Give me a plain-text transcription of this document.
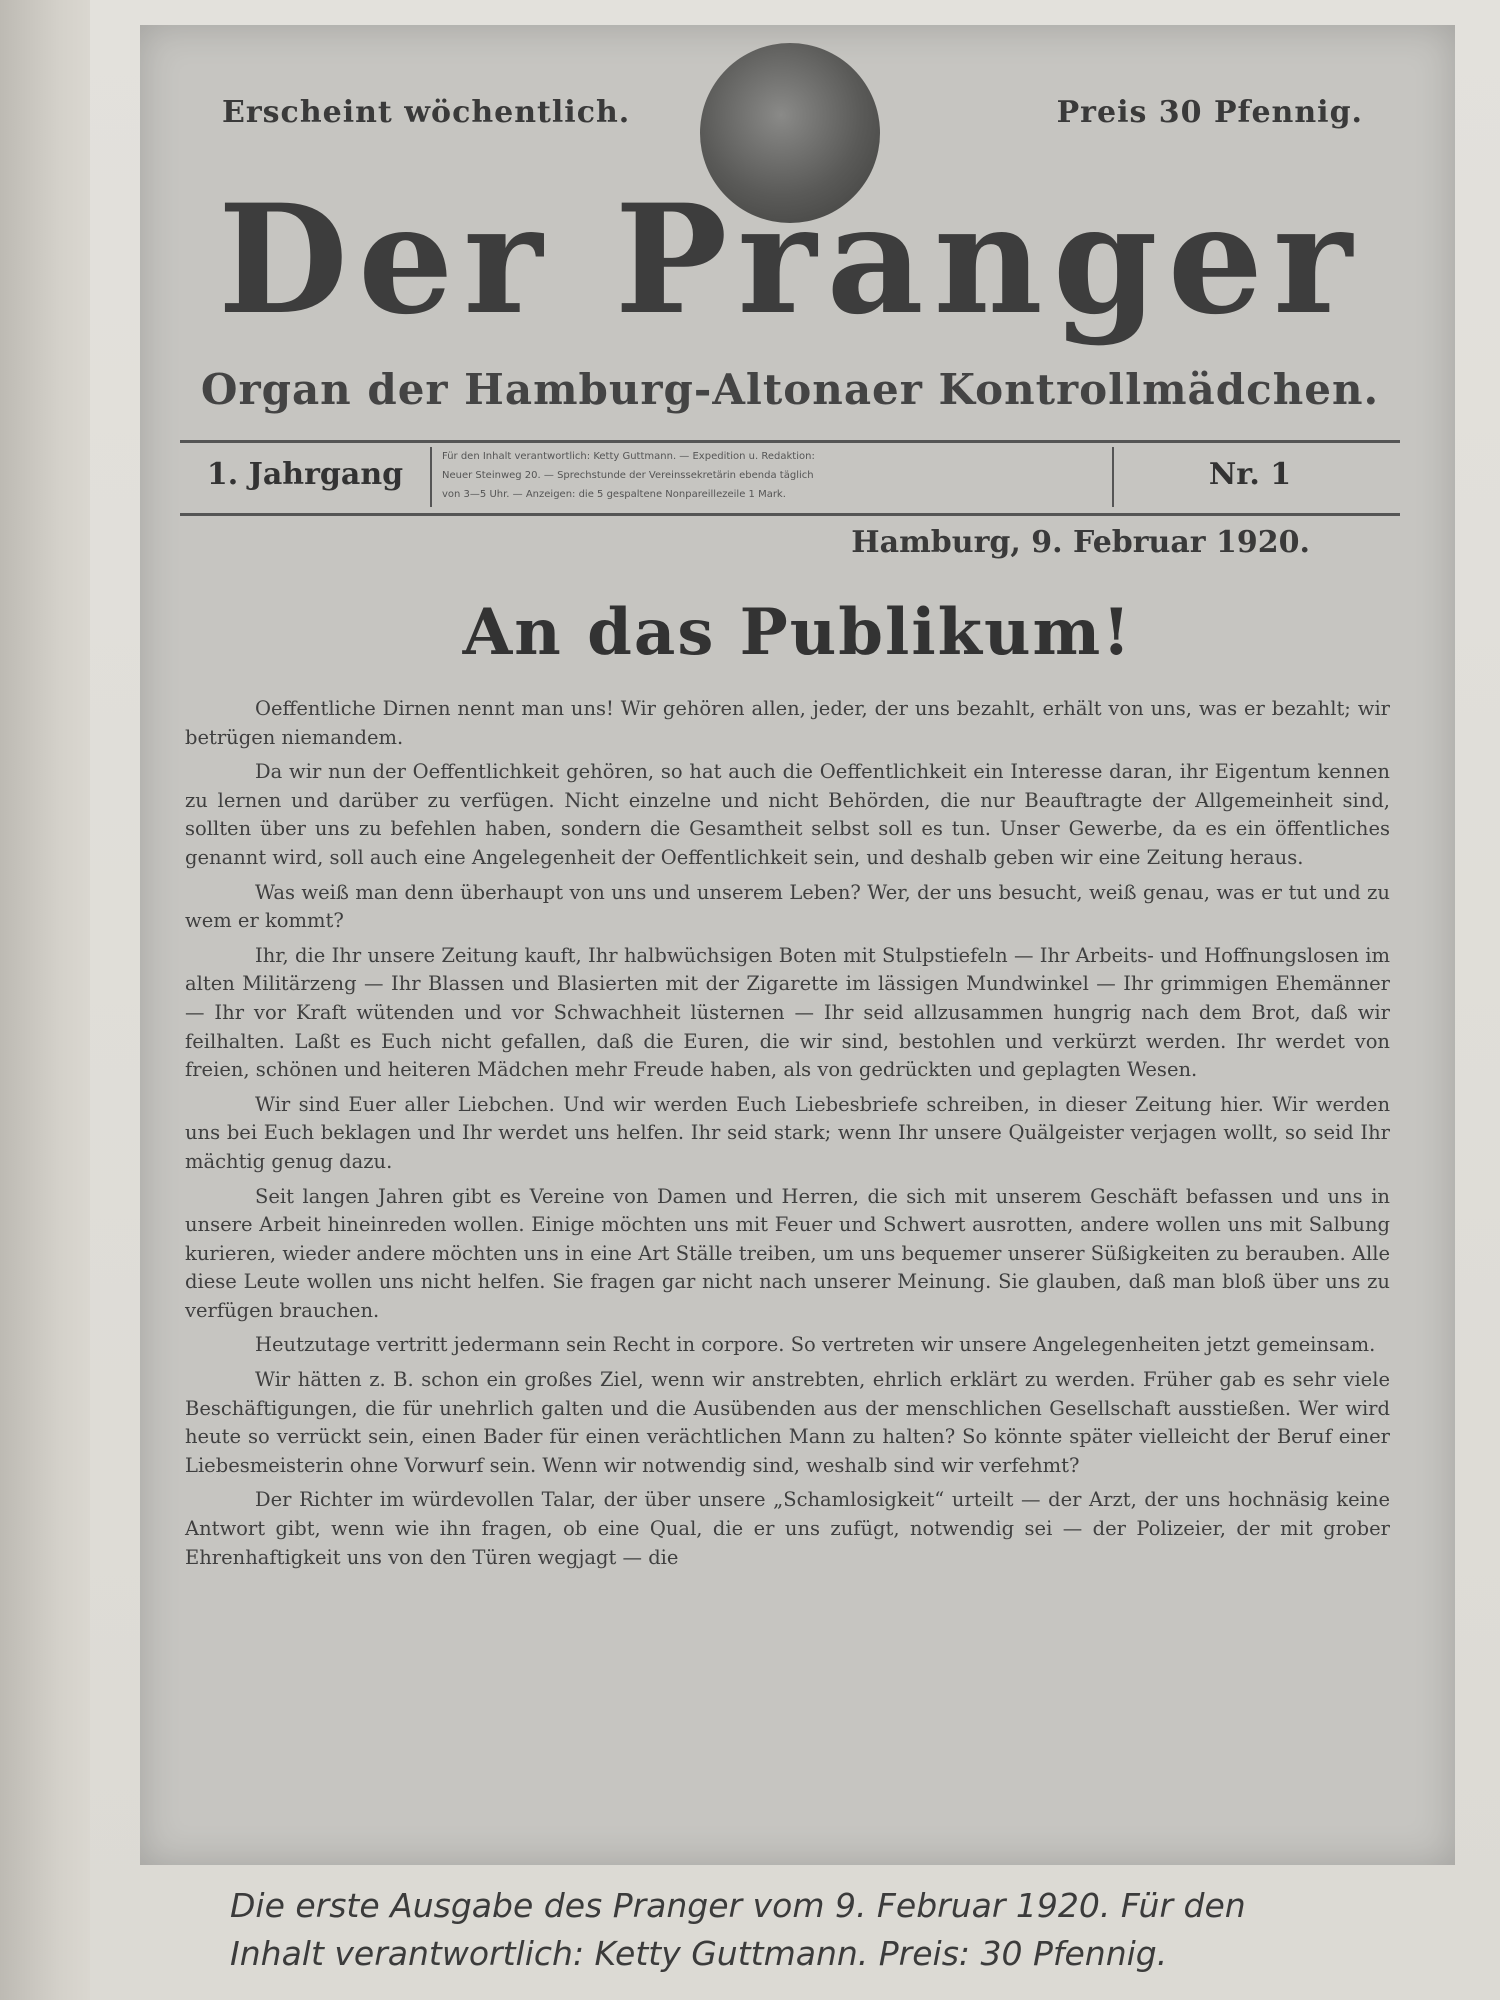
Erscheint wöchentlich.	Preis 30 Pfennig.
Der Pranger
Organ der Hamburg-Altonaer Kontrollmädchen.
1. Jahrgang
Für den Inhalt verantwortlich: Ketty Guttmann. — Expedition u. Redaktion:
Neuer Steinweg 20. — Sprechstunde der Vereinssekretärin ebenda täglich
von 3—5 Uhr. — Anzeigen: die 5 gespaltene Nonpareillezeile 1 Mark.
Nr. 1
Hamburg, 9. Februar 1920.
An das Publikum!

Oeffentliche Dirnen nennt man uns! Wir gehören allen, jeder, der uns bezahlt, erhält von uns, was er bezahlt; wir betrügen niemandem.

Da wir nun der Oeffentlichkeit gehören, so hat auch die Oeffentlichkeit ein Interesse daran, ihr Eigentum kennen zu lernen und darüber zu verfügen. Nicht einzelne und nicht Behörden, die nur Beauftragte der Allgemeinheit sind, sollten über uns zu befehlen haben, sondern die Gesamtheit selbst soll es tun. Unser Gewerbe, da es ein öffentliches genannt wird, soll auch eine Angelegenheit der Oeffentlichkeit sein, und deshalb geben wir eine Zeitung heraus.

Was weiß man denn überhaupt von uns und unserem Leben? Wer, der uns besucht, weiß genau, was er tut und zu wem er kommt?

Ihr, die Ihr unsere Zeitung kauft, Ihr halbwüchsigen Boten mit Stulpstiefeln — Ihr Arbeits- und Hoffnungslosen im alten Militärzeng — Ihr Blassen und Blasierten mit der Zigarette im lässigen Mundwinkel — Ihr grimmigen Ehemänner — Ihr vor Kraft wütenden und vor Schwachheit lüsternen — Ihr seid allzusammen hungrig nach dem Brot, daß wir feilhalten. Laßt es Euch nicht gefallen, daß die Euren, die wir sind, bestohlen und verkürzt werden. Ihr werdet von freien, schönen und heiteren Mädchen mehr Freude haben, als von gedrückten und geplagten Wesen.

Wir sind Euer aller Liebchen. Und wir werden Euch Liebesbriefe schreiben, in dieser Zeitung hier. Wir werden uns bei Euch beklagen und Ihr werdet uns helfen. Ihr seid stark; wenn Ihr unsere Quälgeister verjagen wollt, so seid Ihr mächtig genug dazu.

Seit langen Jahren gibt es Vereine von Damen und Herren, die sich mit unserem Geschäft befassen und uns in unsere Arbeit hineinreden wollen. Einige möchten uns mit Feuer und Schwert ausrotten, andere wollen uns mit Salbung kurieren, wieder andere möchten uns in eine Art Ställe treiben, um uns bequemer unserer Süßigkeiten zu berauben. Alle diese Leute wollen uns nicht helfen. Sie fragen gar nicht nach unserer Meinung. Sie glauben, daß man bloß über uns zu verfügen brauchen.

Heutzutage vertritt jedermann sein Recht in corpore. So vertreten wir unsere Angelegenheiten jetzt gemeinsam.

Wir hätten z. B. schon ein großes Ziel, wenn wir anstrebten, ehrlich erklärt zu werden. Früher gab es sehr viele Beschäftigungen, die für unehrlich galten und die Ausübenden aus der menschlichen Gesellschaft ausstießen. Wer wird heute so verrückt sein, einen Bader für einen verächtlichen Mann zu halten? So könnte später vielleicht der Beruf einer Liebesmeisterin ohne Vorwurf sein. Wenn wir notwendig sind, weshalb sind wir verfehmt?

Der Richter im würdevollen Talar, der über unsere „Schamlosigkeit“ urteilt — der Arzt, der uns hochnäsig keine Antwort gibt, wenn wie ihn fragen, ob eine Qual, die er uns zufügt, notwendig sei — der Polizeier, der mit grober Ehrenhaftigkeit uns von den Türen wegjagt — die

Die erste Ausgabe des Pranger vom 9. Februar 1920. Für den
Inhalt verantwortlich: Ketty Guttmann. Preis: 30 Pfennig.
